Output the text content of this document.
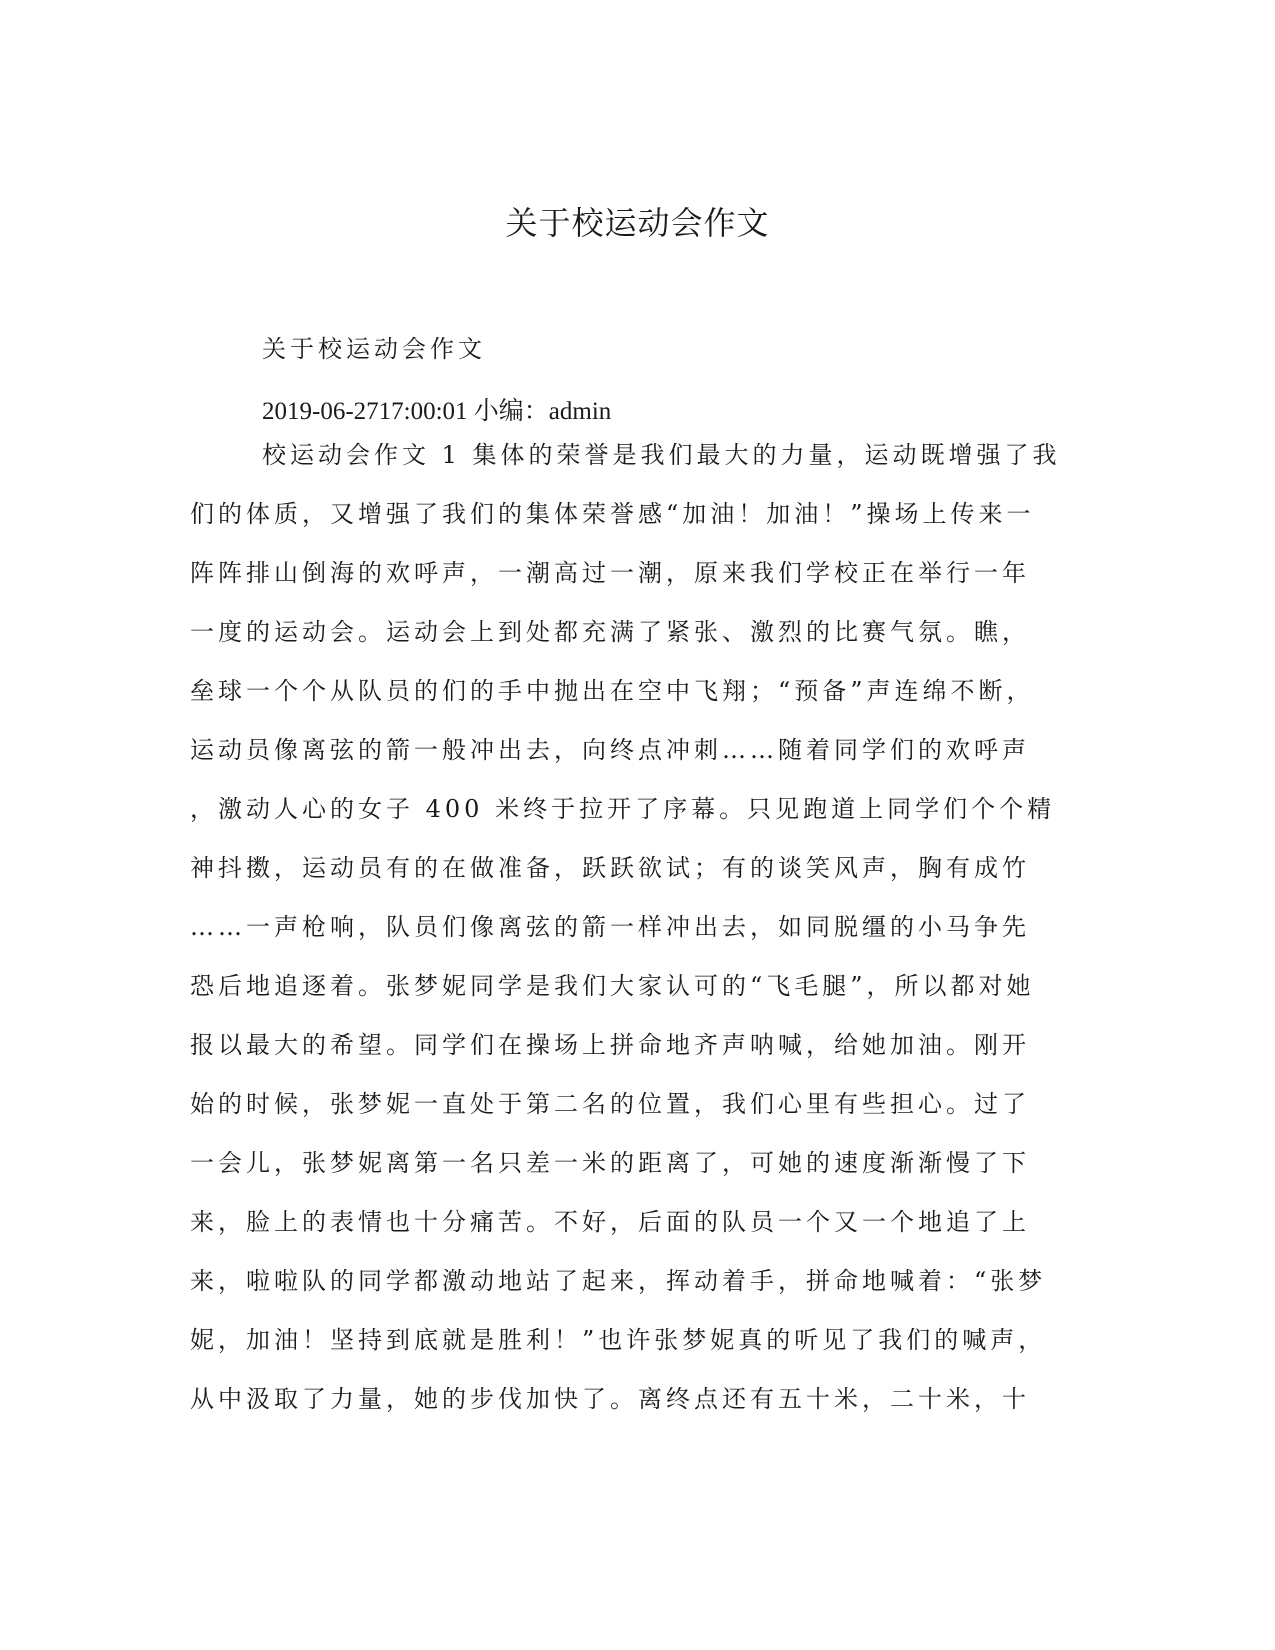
关于校运动会作文

关于校运动会作文

2019-06-2717:00:01 小编：admin

校运动会作文 1 集体的荣誉是我们最大的力量，运动既增强了我

们的体质，又增强了我们的集体荣誉感“加油！加油！”操场上传来一

阵阵排山倒海的欢呼声，一潮高过一潮，原来我们学校正在举行一年

一度的运动会。运动会上到处都充满了紧张、激烈的比赛气氛。瞧，

垒球一个个从队员的们的手中抛出在空中飞翔；“预备”声连绵不断，

运动员像离弦的箭一般冲出去，向终点冲刺……随着同学们的欢呼声

，激动人心的女子 400 米终于拉开了序幕。只见跑道上同学们个个精

神抖擞，运动员有的在做准备，跃跃欲试；有的谈笑风声，胸有成竹

……一声枪响，队员们像离弦的箭一样冲出去，如同脱缰的小马争先

恐后地追逐着。张梦妮同学是我们大家认可的“飞毛腿”，所以都对她

报以最大的希望。同学们在操场上拼命地齐声呐喊，给她加油。刚开

始的时候，张梦妮一直处于第二名的位置，我们心里有些担心。过了

一会儿，张梦妮离第一名只差一米的距离了，可她的速度渐渐慢了下

来，脸上的表情也十分痛苦。不好，后面的队员一个又一个地追了上

来，啦啦队的同学都激动地站了起来，挥动着手，拼命地喊着：“张梦

妮，加油！坚持到底就是胜利！”也许张梦妮真的听见了我们的喊声，

从中汲取了力量，她的步伐加快了。离终点还有五十米，二十米，十
